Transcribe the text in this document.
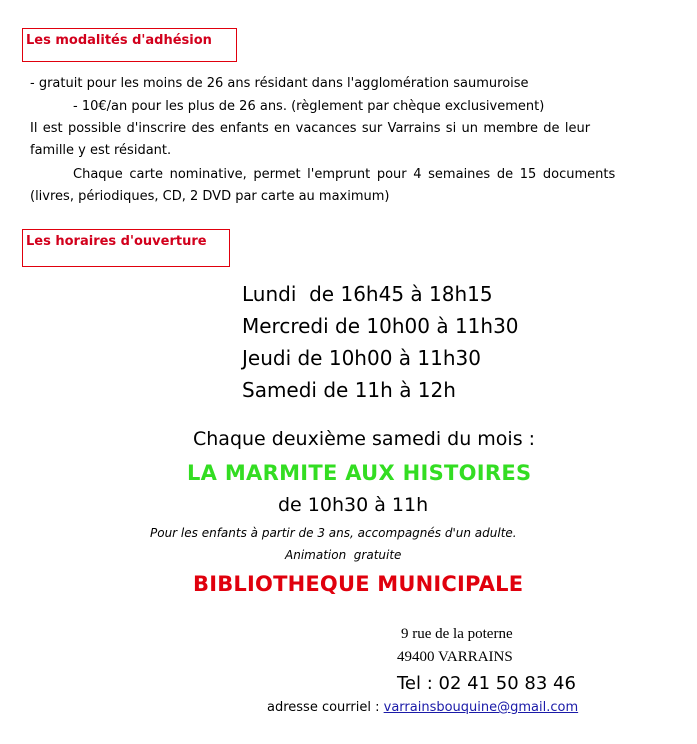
Les modalités d'adhésion
- gratuit pour les moins de 26 ans résidant dans l'agglomération saumuroise
- 10€/an pour les plus de 26 ans. (règlement par chèque exclusivement)
Il est possible d'inscrire des enfants en vacances sur Varrains si un membre de leur
famille y est résidant.
Chaque carte nominative, permet l'emprunt pour 4 semaines de 15 documents
(livres, périodiques, CD, 2 DVD par carte au maximum)
Les horaires d'ouverture
Lundi  de 16h45 à 18h15
Mercredi de 10h00 à 11h30
Jeudi de 10h00 à 11h30
Samedi de 11h à 12h
Chaque deuxième samedi du mois :
LA MARMITE AUX HISTOIRES
de 10h30 à 11h
Pour les enfants à partir de 3 ans, accompagnés d'un adulte.
Animation  gratuite
BIBLIOTHEQUE MUNICIPALE
9 rue de la poterne
49400 VARRAINS
Tel : 02 41 50 83 46
adresse courriel : varrainsbouquine@gmail.com
